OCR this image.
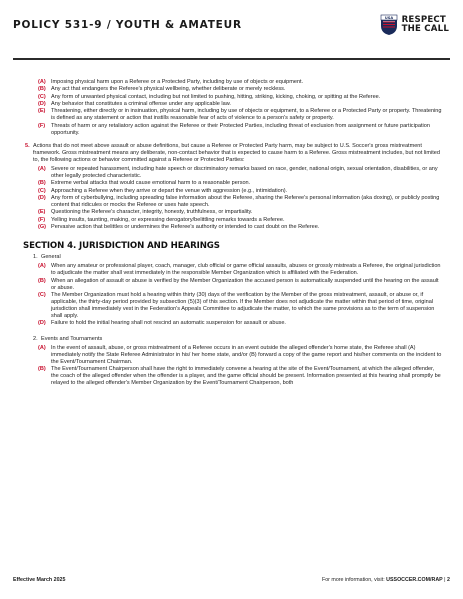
POLICY 531-9 / YOUTH & AMATEUR
USA RESPECT
THE CALL
(A) Imposing physical harm upon a Referee or a Protected Party, including by use of objects or equipment.
(B) Any act that endangers the Referee's physical wellbeing, whether deliberate or merely reckless.
(C) Any form of unwanted physical contact, including but not limited to pushing, hitting, striking, kicking, choking, or spitting at the Referee.
(D) Any behavior that constitutes a criminal offense under any applicable law.
(E)	Threatening, either directly or in insinuation, physical harm, including by use of objects or equipment, to a Referee or a Protected Party or property. Threatening is defined as any statement or action that instills reasonable fear of acts of violence to a person's safety or property.
(F)	Threats of harm or any retaliatory action against the Referee or their Protected Parties, including threat of exclusion from assignment or future participation opportunity.
5. Actions that do not meet above assault or abuse definitions, but cause a Referee or Protected Party harm, may be subject to U.S. Soccer's gross mistreatment framework. Gross mistreatment means any deliberate, non-contact behavior that is expected to cause harm to a Referee. Gross mistreatment includes, but not limited to, the following actions or behavior committed against a Referee or Protected Parties:
(A) Severe or repeated harassment, including hate speech or discriminatory remarks based on race, gender, national origin, sexual orientation, disabilities, or any other legally protected characteristic.
(B) Extreme verbal attacks that would cause emotional harm to a reasonable person.
(C) Approaching a Referee when they arrive or depart the venue with aggression (e.g., intimidation).
(D) Any form of cyberbullying, including spreading false information about the Referee, sharing the Referee's personal information (aka doxing), or publicly posting content that ridicules or mocks the Referee or uses hate speech.
(E)	Questioning the Referee's character, integrity, honesty, truthfulness, or impartiality.
(F)	Yelling insults, taunting, making, or expressing derogatory/belittling remarks towards a Referee.
(G) Pervasive action that belittles or undermines the Referee's authority or intended to cast doubt on the Referee.
SECTION 4. JURISDICTION AND HEARINGS
1. General
(A) When any amateur or professional player, coach, manager, club official or game official assaults, abuses or grossly mistreats a Referee, the original jurisdiction to adjudicate the matter shall vest immediately in the responsible Member Organization which is affiliated with the Federation.
(B) When an allegation of assault or abuse is verified by the Member Organization the accused person is automatically suspended until the hearing on the assault or abuse.
(C) The Member Organization must hold a hearing within thirty (30) days of the verification by the Member of the gross mistreatment, assault, or abuse or, if applicable, the thirty-day period provided by subsection (5)(3) of this section. If the Member does not adjudicate the matter within that period of time, original jurisdiction shall immediately vest in the Federation's Appeals Committee to adjudicate the matter, to which the same provisions as to the term of suspension shall apply.
(D) Failure to hold the initial hearing shall not rescind an automatic suspension for assault or abuse.
2. Events and Tournaments
(A) In the event of assault, abuse, or gross mistreatment of a Referee occurs in an event outside the alleged offender's home state, the Referee shall (A) immediately notify the State Referee Administrator in his/ her home state, and/or (B) forward a copy of the game report and his/her comments on the incident to the Event/Tournament Chairman.
(B) The Event/Tournament Chairperson shall have the right to immediately convene a hearing at the site of the Event/Tournament, at which the alleged offender, the coach of the alleged offender when the offender is a player, and the game official should be present. Information presented at this hearing shall promptly be relayed to the alleged offender's Member Organization by the Event/Tournament Chairperson, both
Effective March 2025	For more information, visit: USSOCCER.COM/RAP | 2
